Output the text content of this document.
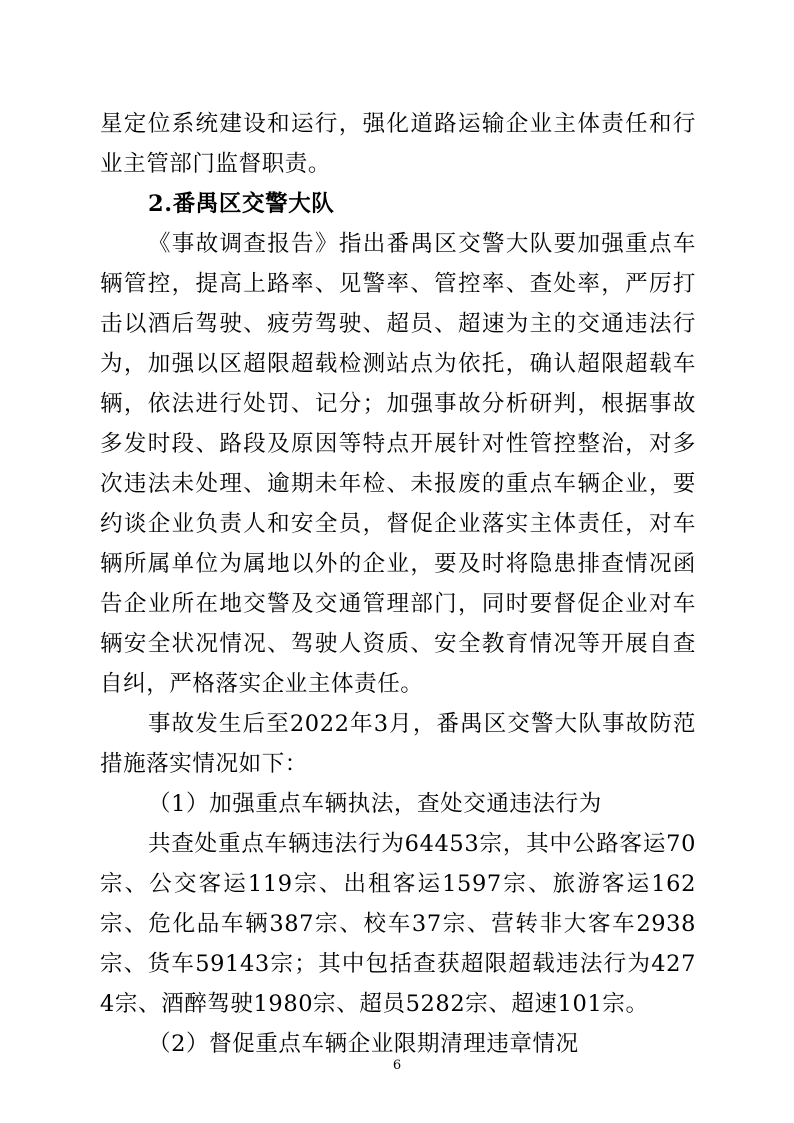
星定位系统建设和运行，强化道路运输企业主体责任和行业主管部门监督职责。

2.番禺区交警大队

《事故调查报告》指出番禺区交警大队要加强重点车辆管控，提高上路率、见警率、管控率、查处率，严厉打击以酒后驾驶、疲劳驾驶、超员、超速为主的交通违法行为，加强以区超限超载检测站点为依托，确认超限超载车辆，依法进行处罚、记分；加强事故分析研判，根据事故多发时段、路段及原因等特点开展针对性管控整治，对多次违法未处理、逾期未年检、未报废的重点车辆企业，要约谈企业负责人和安全员，督促企业落实主体责任，对车辆所属单位为属地以外的企业，要及时将隐患排查情况函告企业所在地交警及交通管理部门，同时要督促企业对车辆安全状况情况、驾驶人资质、安全教育情况等开展自查自纠，严格落实企业主体责任。

事故发生后至2022年3月，番禺区交警大队事故防范措施落实情况如下：

（1）加强重点车辆执法，查处交通违法行为

共查处重点车辆违法行为64453宗，其中公路客运70宗、公交客运119宗、出租客运1597宗、旅游客运162宗、危化品车辆387宗、校车37宗、营转非大客车2938宗、货车59143宗；其中包括查获超限超载违法行为4274宗、酒醉驾驶1980宗、超员5282宗、超速101宗。

（2）督促重点车辆企业限期清理违章情况

6
